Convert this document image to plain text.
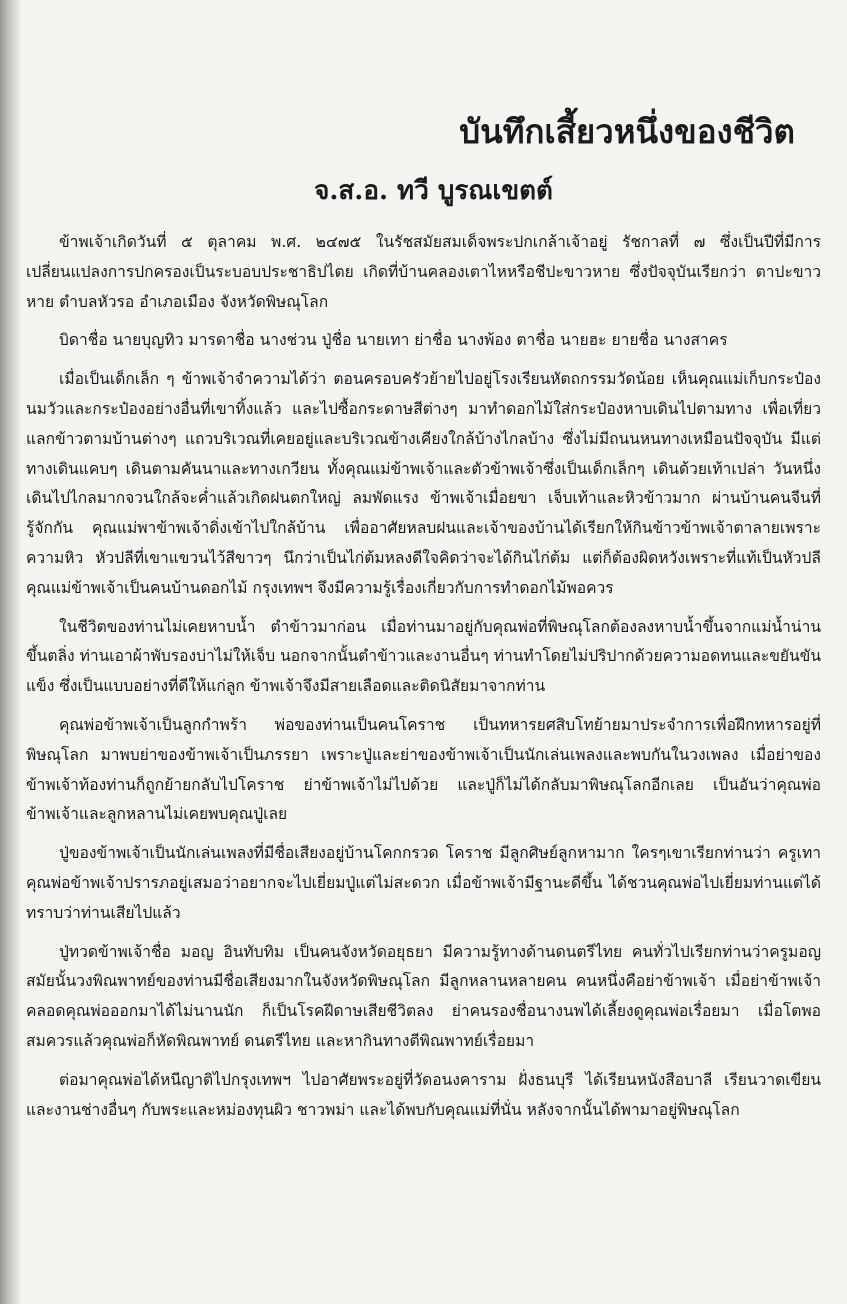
บันทึกเสี้ยวหนึ่งของชีวิต
จ.ส.อ. ทวี บูรณเขตต์

ข้าพเจ้าเกิดวันที่ ๕ ตุลาคม พ.ศ. ๒๔๗๕ ในรัชสมัยสมเด็จพระปกเกล้าเจ้าอยู่ รัชกาลที่ ๗ ซึ่งเป็นปีที่มีการเปลี่ยนแปลงการปกครองเป็นระบอบประชาธิปไตย เกิดที่บ้านคลองเตาไหหรือชีปะขาวหาย ซึ่งปัจจุบันเรียกว่า ตาปะขาวหาย ตำบลหัวรอ อำเภอเมือง จังหวัดพิษณุโลก

บิดาชื่อ นายบุญทิว มารดาชื่อ นางช่วน ปู่ชื่อ นายเทา ย่าชื่อ นางพ้อง ตาชื่อ นายฮะ ยายชื่อ นางสาคร

เมื่อเป็นเด็กเล็ก ๆ ข้าพเจ้าจำความได้ว่า ตอนครอบครัวย้ายไปอยู่โรงเรียนหัตถกรรมวัดน้อย เห็นคุณแม่เก็บกระป๋องนมวัวและกระป๋องอย่างอื่นที่เขาทิ้งแล้ว และไปซื้อกระดาษสีต่างๆ มาทำดอกไม้ใส่กระป๋องหาบเดินไปตามทาง เพื่อเที่ยวแลกข้าวตามบ้านต่างๆ แถวบริเวณที่เคยอยู่และบริเวณข้างเคียงใกล้บ้างไกลบ้าง ซึ่งไม่มีถนนหนทางเหมือนปัจจุบัน มีแต่ทางเดินแคบๆ เดินตามคันนาและทางเกวียน ทั้งคุณแม่ข้าพเจ้าและตัวข้าพเจ้าซึ่งเป็นเด็กเล็กๆ เดินด้วยเท้าเปล่า วันหนึ่งเดินไปไกลมากจวนใกล้จะค่ำแล้วเกิดฝนตกใหญ่ ลมพัดแรง ข้าพเจ้าเมื่อยขา เจ็บเท้าและหิวข้าวมาก ผ่านบ้านคนจีนที่รู้จักกัน คุณแม่พาข้าพเจ้าดิ่งเข้าไปใกล้บ้าน เพื่ออาศัยหลบฝนและเจ้าของบ้านได้เรียกให้กินข้าวข้าพเจ้าตาลายเพราะความหิว หัวปลีที่เขาแขวนไว้สีขาวๆ นึกว่าเป็นไก่ต้มหลงดีใจคิดว่าจะได้กินไก่ต้ม แต่ก็ต้องผิดหวังเพราะที่แท้เป็นหัวปลี คุณแม่ข้าพเจ้าเป็นคนบ้านดอกไม้ กรุงเทพฯ จึงมีความรู้เรื่องเกี่ยวกับการทำดอกไม้พอควร

ในชีวิตของท่านไม่เคยหาบน้ำ ตำข้าวมาก่อน เมื่อท่านมาอยู่กับคุณพ่อที่พิษณุโลกต้องลงหาบน้ำขึ้นจากแม่น้ำน่านขึ้นตลิ่ง ท่านเอาผ้าพับรองบ่าไม่ให้เจ็บ นอกจากนั้นตำข้าวและงานอื่นๆ ท่านทำโดยไม่ปริปากด้วยความอดทนและขยันขันแข็ง ซึ่งเป็นแบบอย่างที่ดีให้แก่ลูก ข้าพเจ้าจึงมีสายเลือดและติดนิสัยมาจากท่าน

คุณพ่อข้าพเจ้าเป็นลูกกำพร้า พ่อของท่านเป็นคนโคราช เป็นทหารยศสิบโทย้ายมาประจำการเพื่อฝึกทหารอยู่ที่พิษณุโลก มาพบย่าของข้าพเจ้าเป็นภรรยา เพราะปู่และย่าของข้าพเจ้าเป็นนักเล่นเพลงและพบกันในวงเพลง เมื่อย่าของข้าพเจ้าท้องท่านก็ถูกย้ายกลับไปโคราช ย่าข้าพเจ้าไม่ไปด้วย และปู่ก็ไม่ได้กลับมาพิษณุโลกอีกเลย เป็นอันว่าคุณพ่อข้าพเจ้าและลูกหลานไม่เคยพบคุณปู่เลย

ปู่ของข้าพเจ้าเป็นนักเล่นเพลงที่มีชื่อเสียงอยู่บ้านโคกกรวด โคราช มีลูกศิษย์ลูกหามาก ใครๆเขาเรียกท่านว่า ครูเทา คุณพ่อข้าพเจ้าปรารภอยู่เสมอว่าอยากจะไปเยี่ยมปู่แต่ไม่สะดวก เมื่อข้าพเจ้ามีฐานะดีขึ้น ได้ชวนคุณพ่อไปเยี่ยมท่านแต่ได้ทราบว่าท่านเสียไปแล้ว

ปู่ทวดข้าพเจ้าชื่อ มอญ อินทับทิม เป็นคนจังหวัดอยุธยา มีความรู้ทางด้านดนตรีไทย คนทั่วไปเรียกท่านว่าครูมอญ สมัยนั้นวงพิณพาทย์ของท่านมีชื่อเสียงมากในจังหวัดพิษณุโลก มีลูกหลานหลายคน คนหนึ่งคือย่าข้าพเจ้า เมื่อย่าข้าพเจ้าคลอดคุณพ่อออกมาได้ไม่นานนัก ก็เป็นโรคฝีดาษเสียชีวิตลง ย่าคนรองชื่อนางนพได้เลี้ยงดูคุณพ่อเรื่อยมา เมื่อโตพอสมควรแล้วคุณพ่อก็หัดพิณพาทย์ ดนตรีไทย และหากินทางตีพิณพาทย์เรื่อยมา

ต่อมาคุณพ่อได้หนีญาติไปกรุงเทพฯ ไปอาศัยพระอยู่ที่วัดอนงคาราม ฝั่งธนบุรี ได้เรียนหนังสือบาลี เรียนวาดเขียนและงานช่างอื่นๆ กับพระและหม่องทุนผิว ชาวพม่า และได้พบกับคุณแม่ที่นั่น หลังจากนั้นได้พามาอยู่พิษณุโลก
